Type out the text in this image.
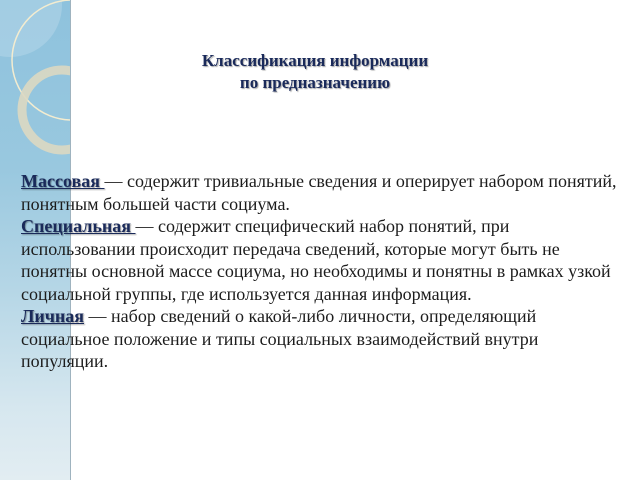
Классификация информации
по предназначению

Массовая — содержит тривиальные сведения и оперирует набором понятий, понятным большей части социума.

Специальная — содержит специфический набор понятий, при использовании происходит передача сведений, которые могут быть не понятны основной массе социума, но необходимы и понятны в рамках узкой социальной группы, где используется данная информация.

Личная — набор сведений о какой-либо личности, определяющий социальное положение и типы социальных взаимодействий внутри популяции.
